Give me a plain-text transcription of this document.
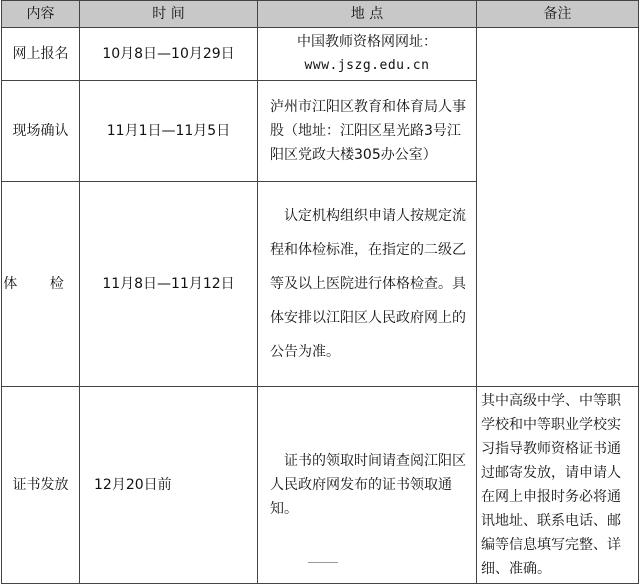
内容	时 间	地 点	备注
网上报名	10月8日—10月29日	中国教师资格网网址：
www.jszg.edu.cn	

现场确认	11月1日—11月5日	泸州市江阳区教育和体育局人事股（地址：江阳区星光路3号江阳区党政大楼305办公室）	
体 检	11月8日—11月12日	认定机构组织申请人按规定流程和体检标准，在指定的二级乙等及以上医院进行体格检查。具体安排以江阳区人民政府网上的公告为准。	
证书发放	12月20日前	证书的领取时间请查阅江阳区人民政府网发布的证书领取通知。	其中高级中学、中等职学校和中等职业学校实习指导教师资格证书通过邮寄发放，请申请人在网上申报时务必将通讯地址、联系电话、邮编等信息填写完整、详细、准确。
